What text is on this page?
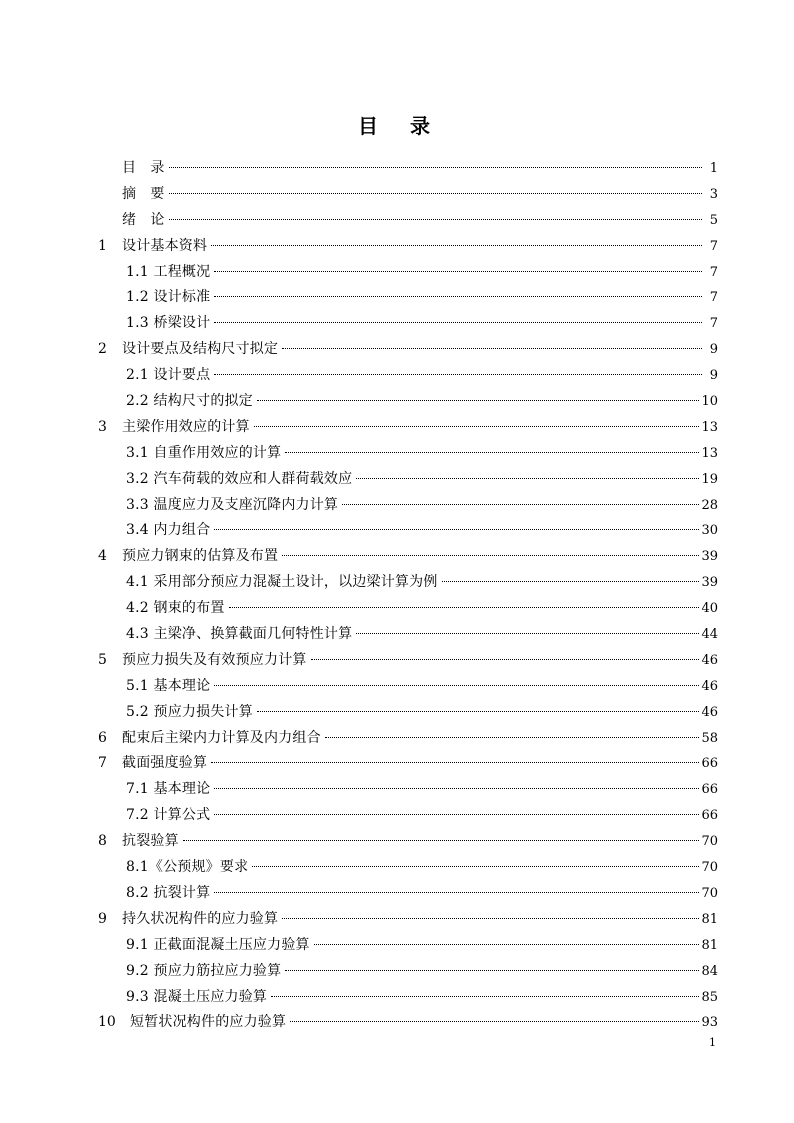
目　录
目　录	1
摘　要	3
绪　论	5
1	设计基本资料	7
1.1 工程概况	7
1.2 设计标准	7
1.3 桥梁设计	7
2	设计要点及结构尺寸拟定	9
2.1 设计要点	9
2.2 结构尺寸的拟定	10
3	主梁作用效应的计算	13
3.1 自重作用效应的计算	13
3.2 汽车荷载的效应和人群荷载效应	19
3.3 温度应力及支座沉降内力计算	28
3.4 内力组合	30
4	预应力钢束的估算及布置	39
4.1 采用部分预应力混凝土设计，以边梁计算为例	39
4.2 钢束的布置	40
4.3 主梁净、换算截面几何特性计算	44
5	预应力损失及有效预应力计算	46
5.1 基本理论	46
5.2 预应力损失计算	46
6	配束后主梁内力计算及内力组合	58
7	截面强度验算	66
7.1 基本理论	66
7.2 计算公式	66
8	抗裂验算	70
8.1《公预规》要求	70
8.2 抗裂计算	70
9	持久状况构件的应力验算	81
9.1 正截面混凝土压应力验算	81
9.2 预应力筋拉应力验算	84
9.3 混凝土压应力验算	85
10	短暂状况构件的应力验算	93
1
